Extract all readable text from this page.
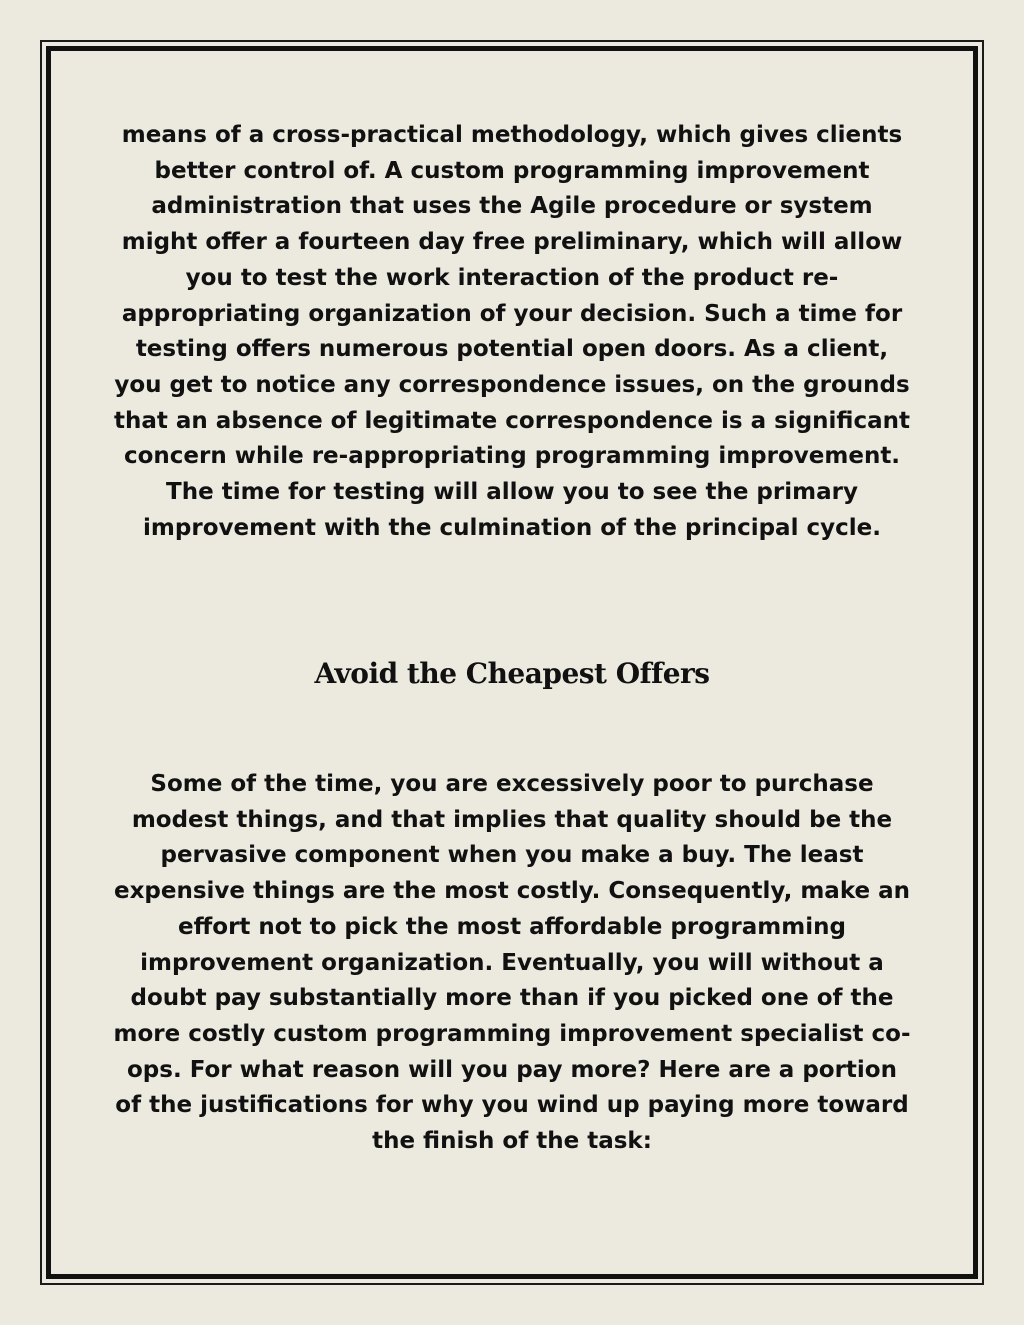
means of a cross-practical methodology, which gives clients better control of. A custom programming improvement administration that uses the Agile procedure or system might offer a fourteen day free preliminary, which will allow you to test the work interaction of the product re-appropriating organization of your decision. Such a time for testing offers numerous potential open doors. As a client, you get to notice any correspondence issues, on the grounds that an absence of legitimate correspondence is a significant concern while re-appropriating programming improvement. The time for testing will allow you to see the primary improvement with the culmination of the principal cycle.

Avoid the Cheapest Offers

Some of the time, you are excessively poor to purchase modest things, and that implies that quality should be the pervasive component when you make a buy. The least expensive things are the most costly. Consequently, make an effort not to pick the most affordable programming improvement organization. Eventually, you will without a doubt pay substantially more than if you picked one of the more costly custom programming improvement specialist co-ops. For what reason will you pay more? Here are a portion of the justifications for why you wind up paying more toward the finish of the task:
